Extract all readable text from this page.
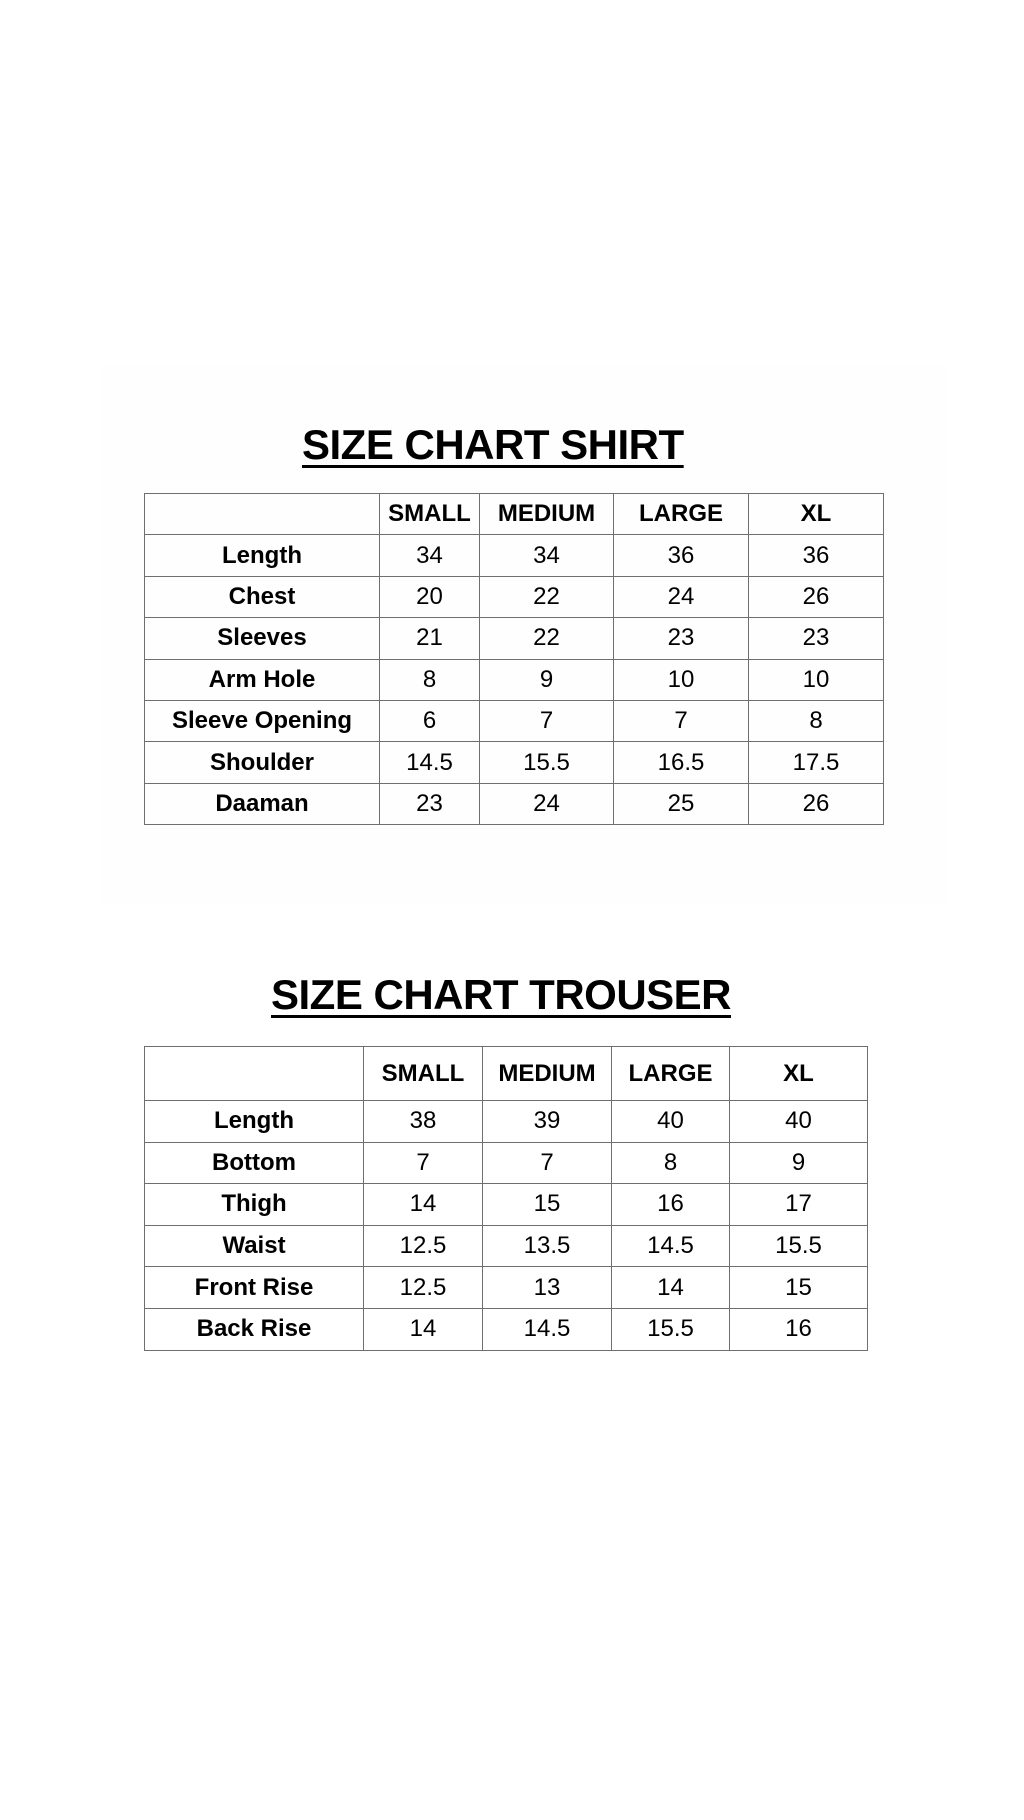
SIZE CHART SHIRT
	SMALL	MEDIUM	LARGE	XL
Length	34	34	36	36
Chest	20	22	24	26
Sleeves	21	22	23	23
Arm Hole	8	9	10	10
Sleeve Opening	6	7	7	8
Shoulder	14.5	15.5	16.5	17.5
Daaman	23	24	25	26
SIZE CHART TROUSER
	SMALL	MEDIUM	LARGE	XL
Length	38	39	40	40
Bottom	7	7	8	9
Thigh	14	15	16	17
Waist	12.5	13.5	14.5	15.5
Front Rise	12.5	13	14	15
Back Rise	14	14.5	15.5	16
